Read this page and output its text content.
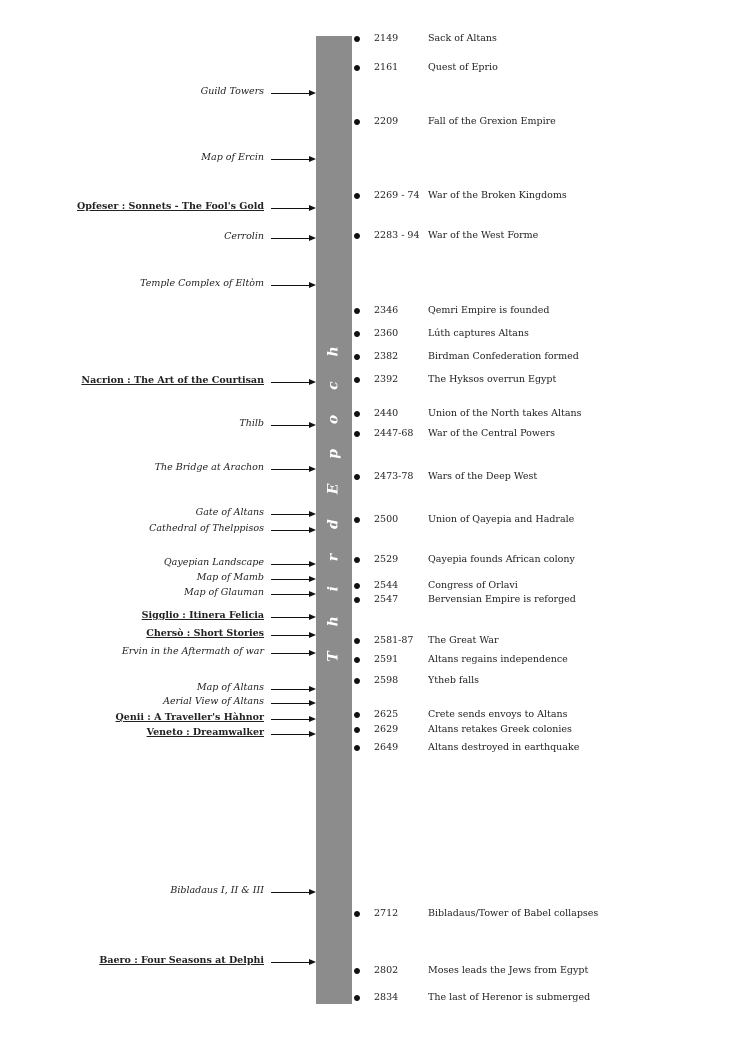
T h i r d E p o c h
2149	Sack of Altans
2161	Quest of Eprio
2209	Fall of the Grexion Empire
2269 - 74 War of the Broken Kingdoms
2283 - 94 War of the West Forme
2346	Qemri Empire is founded
2360	Lúth captures Altans
2382	Birdman Confederation formed
2392	The Hyksos overrun Egypt
2440	Union of the North takes Altans
2447-68 War of the Central Powers
2473-78 Wars of the Deep West
2500	Union of Qayepia and Hadrale
2529	Qayepia founds African colony
2544	Congress of Orlavi
2547	Bervensian Empire is reforged
2581-87 The Great War
2591	Altans regains independence
2598	Ytheb falls
2625	Crete sends envoys to Altans
2629	Altans retakes Greek colonies
2649	Altans destroyed in earthquake
2712	Bibladaus/Tower of Babel collapses
2802	Moses leads the Jews from Egypt
2834	The last of Herenor is submerged
Guild Towers
Map of Ercin
Opfeser : Sonnets - The Fool's Gold
Cerrolin
Temple Complex of Eltòm
Nacrion : The Art of the Courtisan
Thilb
The Bridge at Arachon
Gate of Altans
Cathedral of Thelppisos
Qayepian Landscape
Map of Mamb
Map of Glauman
Sigglio : Itinera Felicia
Chersò : Short Stories
Ervin in the Aftermath of war
Map of Altans
Aerial View of Altans
Qenii : A Traveller's Hàhnor
Veneto : Dreamwalker
Bibladaus I, II & III
Baero : Four Seasons at Delphi
